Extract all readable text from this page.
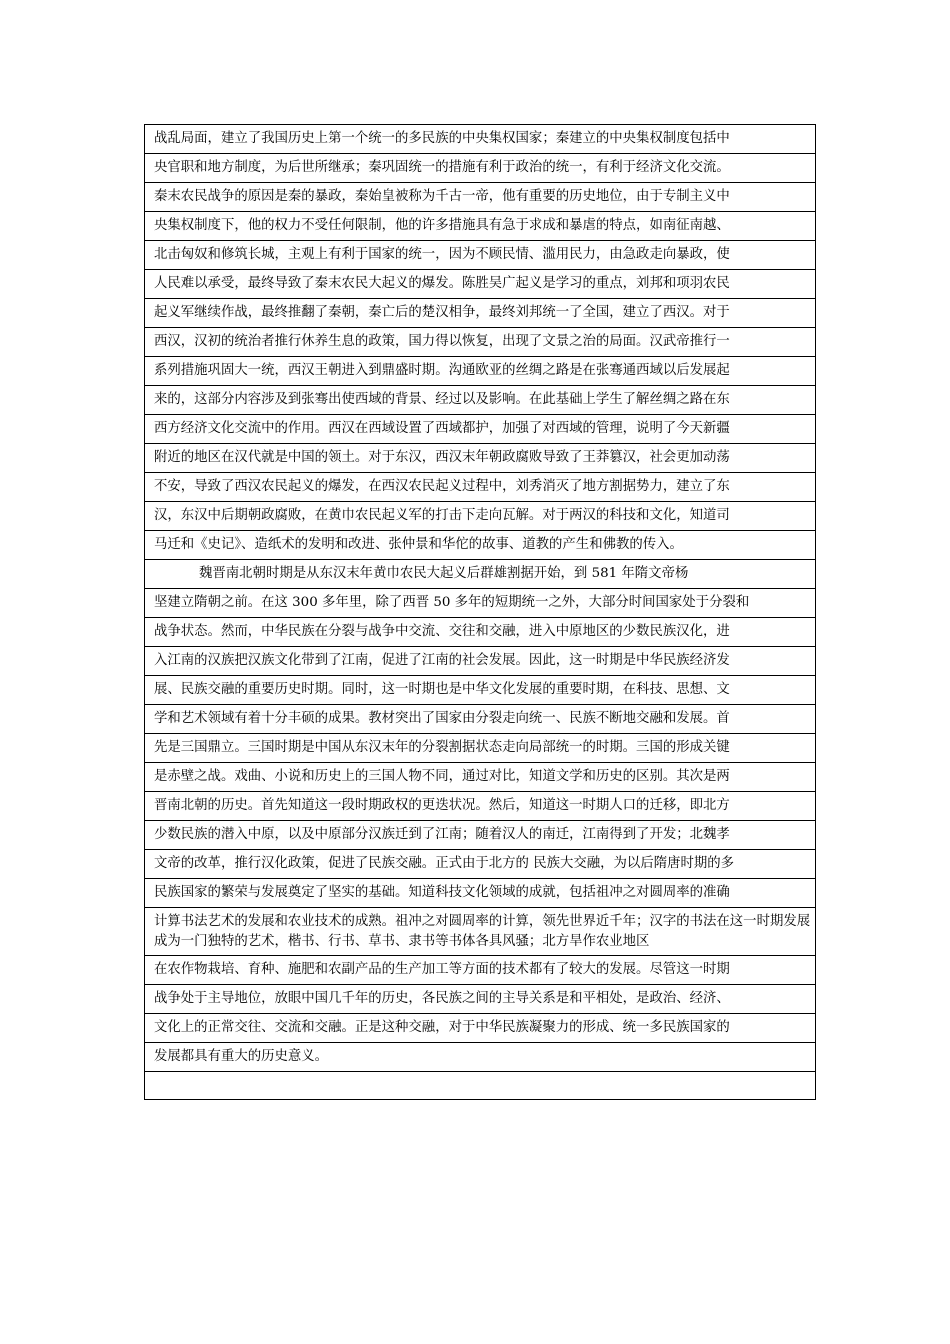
战乱局面，建立了我国历史上第一个统一的多民族的中央集权国家；秦建立的中央集权制度包括中
央官职和地方制度，为后世所继承；秦巩固统一的措施有利于政治的统一，有利于经济文化交流。
秦末农民战争的原因是秦的暴政，秦始皇被称为千古一帝，他有重要的历史地位，由于专制主义中
央集权制度下，他的权力不受任何限制，他的许多措施具有急于求成和暴虐的特点，如南征南越、
北击匈奴和修筑长城，主观上有利于国家的统一，因为不顾民情、滥用民力，由急政走向暴政，使
人民难以承受，最终导致了秦末农民大起义的爆发。陈胜吴广起义是学习的重点，刘邦和项羽农民
起义军继续作战，最终推翻了秦朝，秦亡后的楚汉相争，最终刘邦统一了全国，建立了西汉。对于
西汉，汉初的统治者推行休养生息的政策，国力得以恢复，出现了文景之治的局面。汉武帝推行一
系列措施巩固大一统，西汉王朝进入到鼎盛时期。沟通欧亚的丝绸之路是在张骞通西域以后发展起
来的，这部分内容涉及到张骞出使西域的背景、经过以及影响。在此基础上学生了解丝绸之路在东
西方经济文化交流中的作用。西汉在西域设置了西域都护，加强了对西域的管理，说明了今天新疆
附近的地区在汉代就是中国的领土。对于东汉，西汉末年朝政腐败导致了王莽篡汉，社会更加动荡
不安，导致了西汉农民起义的爆发，在西汉农民起义过程中，刘秀消灭了地方割据势力，建立了东
汉，东汉中后期朝政腐败，在黄巾农民起义军的打击下走向瓦解。对于两汉的科技和文化，知道司
马迁和《史记》、造纸术的发明和改进、张仲景和华佗的故事、道教的产生和佛教的传入。
魏晋南北朝时期是从东汉末年黄巾农民大起义后群雄割据开始，到 581 年隋文帝杨
坚建立隋朝之前。在这 300 多年里，除了西晋 50 多年的短期统一之外，大部分时间国家处于分裂和
战争状态。然而，中华民族在分裂与战争中交流、交往和交融，进入中原地区的少数民族汉化，进
入江南的汉族把汉族文化带到了江南，促进了江南的社会发展。因此，这一时期是中华民族经济发
展、民族交融的重要历史时期。同时，这一时期也是中华文化发展的重要时期，在科技、思想、文
学和艺术领域有着十分丰硕的成果。教材突出了国家由分裂走向统一、民族不断地交融和发展。首
先是三国鼎立。三国时期是中国从东汉末年的分裂割据状态走向局部统一的时期。三国的形成关键
是赤壁之战。戏曲、小说和历史上的三国人物不同，通过对比，知道文学和历史的区别。其次是两
晋南北朝的历史。首先知道这一段时期政权的更迭状况。然后，知道这一时期人口的迁移，即北方
少数民族的潜入中原，以及中原部分汉族迁到了江南；随着汉人的南迁，江南得到了开发；北魏孝
文帝的改革，推行汉化政策，促进了民族交融。正式由于北方的 民族大交融，为以后隋唐时期的多
民族国家的繁荣与发展奠定了坚实的基础。知道科技文化领域的成就，包括祖冲之对圆周率的准确
计算书法艺术的发展和农业技术的成熟。祖冲之对圆周率的计算，领先世界近千年；汉字的书法在这一时期发展成为一门独特的艺术，楷书、行书、草书、隶书等书体各具风骚；北方旱作农业地区
在农作物栽培、育种、施肥和农副产品的生产加工等方面的技术都有了较大的发展。尽管这一时期
战争处于主导地位，放眼中国几千年的历史，各民族之间的主导关系是和平相处，是政治、经济、
文化上的正常交往、交流和交融。正是这种交融，对于中华民族凝聚力的形成、统一多民族国家的
发展都具有重大的历史意义。
